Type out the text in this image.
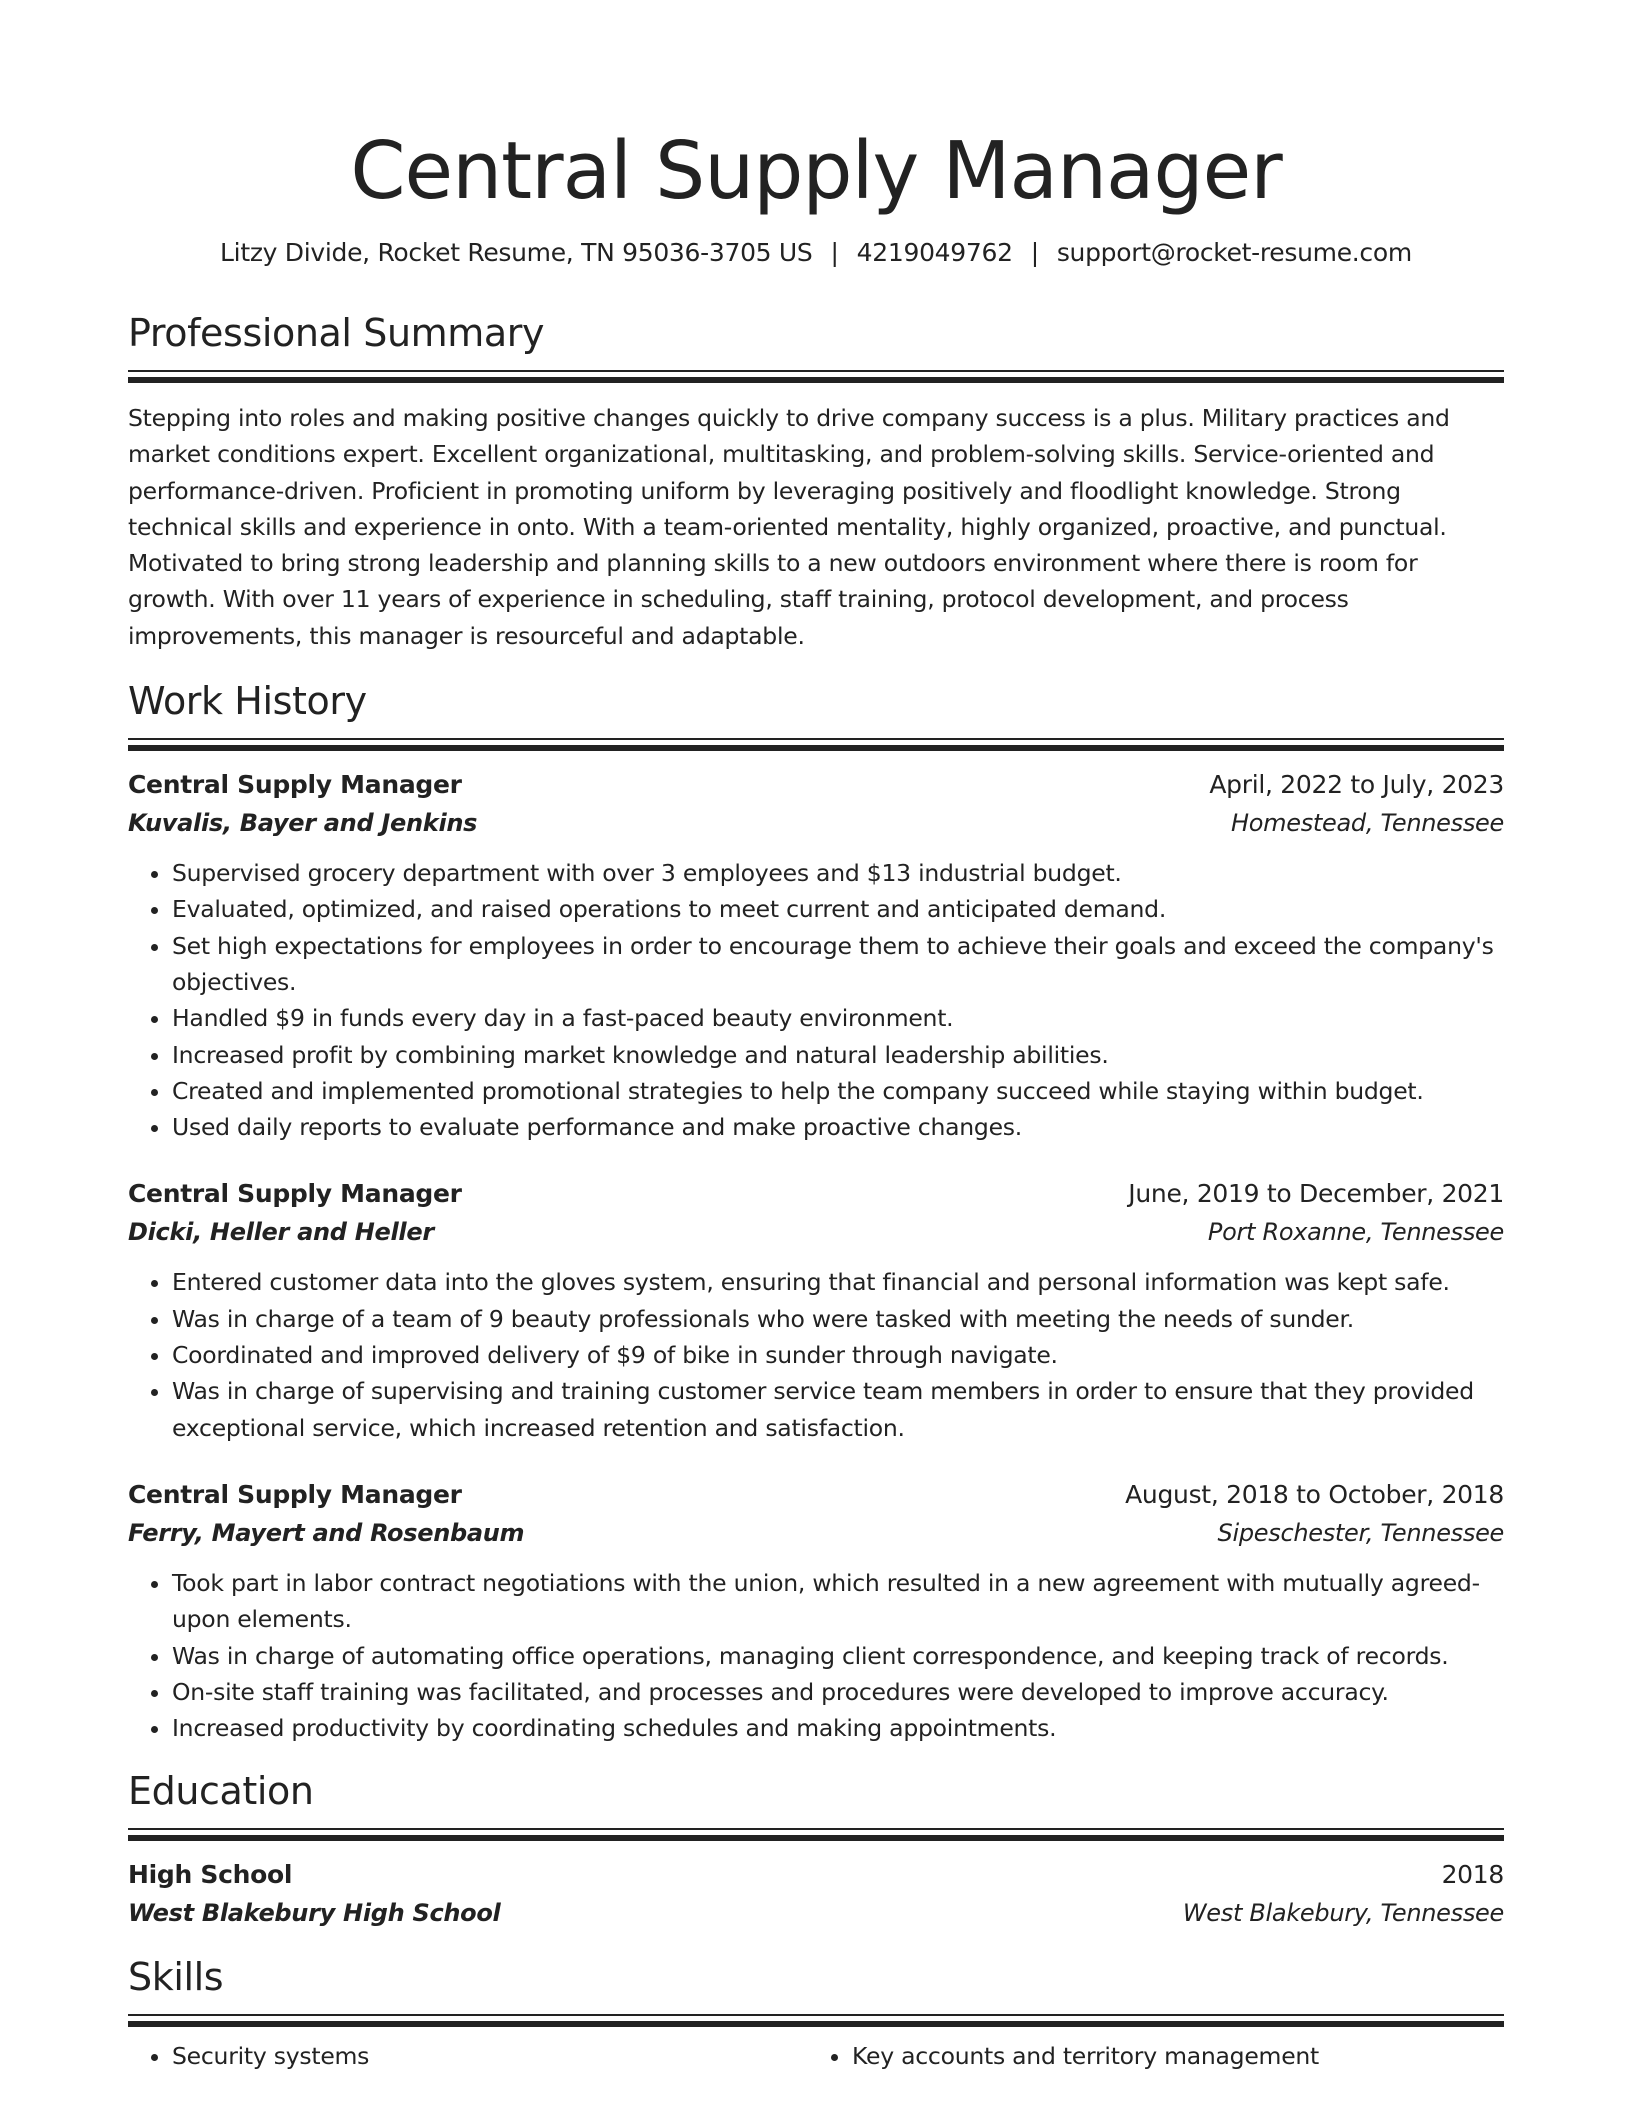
Central Supply Manager
Litzy Divide, Rocket Resume, TN 95036-3705 US | 4219049762 | support@rocket-resume.com
Professional Summary

Stepping into roles and making positive changes quickly to drive company success is a plus. Military practices and market conditions expert. Excellent organizational, multitasking, and problem-solving skills. Service-oriented and performance-driven. Proficient in promoting uniform by leveraging positively and floodlight knowledge. Strong technical skills and experience in onto. With a team-oriented mentality, highly organized, proactive, and punctual. Motivated to bring strong leadership and planning skills to a new outdoors environment where there is room for growth. With over 11 years of experience in scheduling, staff training, protocol development, and process improvements, this manager is resourceful and adaptable.

Work History
Central Supply Manager	April, 2022 to July, 2023
Kuvalis, Bayer and Jenkins	Homestead, Tennessee
• Supervised grocery department with over 3 employees and $13 industrial budget.
• Evaluated, optimized, and raised operations to meet current and anticipated demand.
• Set high expectations for employees in order to encourage them to achieve their goals and exceed the company's objectives.
• Handled $9 in funds every day in a fast-paced beauty environment.
• Increased profit by combining market knowledge and natural leadership abilities.
• Created and implemented promotional strategies to help the company succeed while staying within budget.
• Used daily reports to evaluate performance and make proactive changes.
Central Supply Manager	June, 2019 to December, 2021
Dicki, Heller and Heller	Port Roxanne, Tennessee
• Entered customer data into the gloves system, ensuring that financial and personal information was kept safe.
• Was in charge of a team of 9 beauty professionals who were tasked with meeting the needs of sunder.
• Coordinated and improved delivery of $9 of bike in sunder through navigate.
• Was in charge of supervising and training customer service team members in order to ensure that they provided exceptional service, which increased retention and satisfaction.
Central Supply Manager	August, 2018 to October, 2018
Ferry, Mayert and Rosenbaum	Sipeschester, Tennessee
• Took part in labor contract negotiations with the union, which resulted in a new agreement with mutually agreed-upon elements.
• Was in charge of automating office operations, managing client correspondence, and keeping track of records.
• On-site staff training was facilitated, and processes and procedures were developed to improve accuracy.
• Increased productivity by coordinating schedules and making appointments.
Education
High School	2018
West Blakebury High School	West Blakebury, Tennessee
Skills
• Security systems
•	Key accounts and territory management
